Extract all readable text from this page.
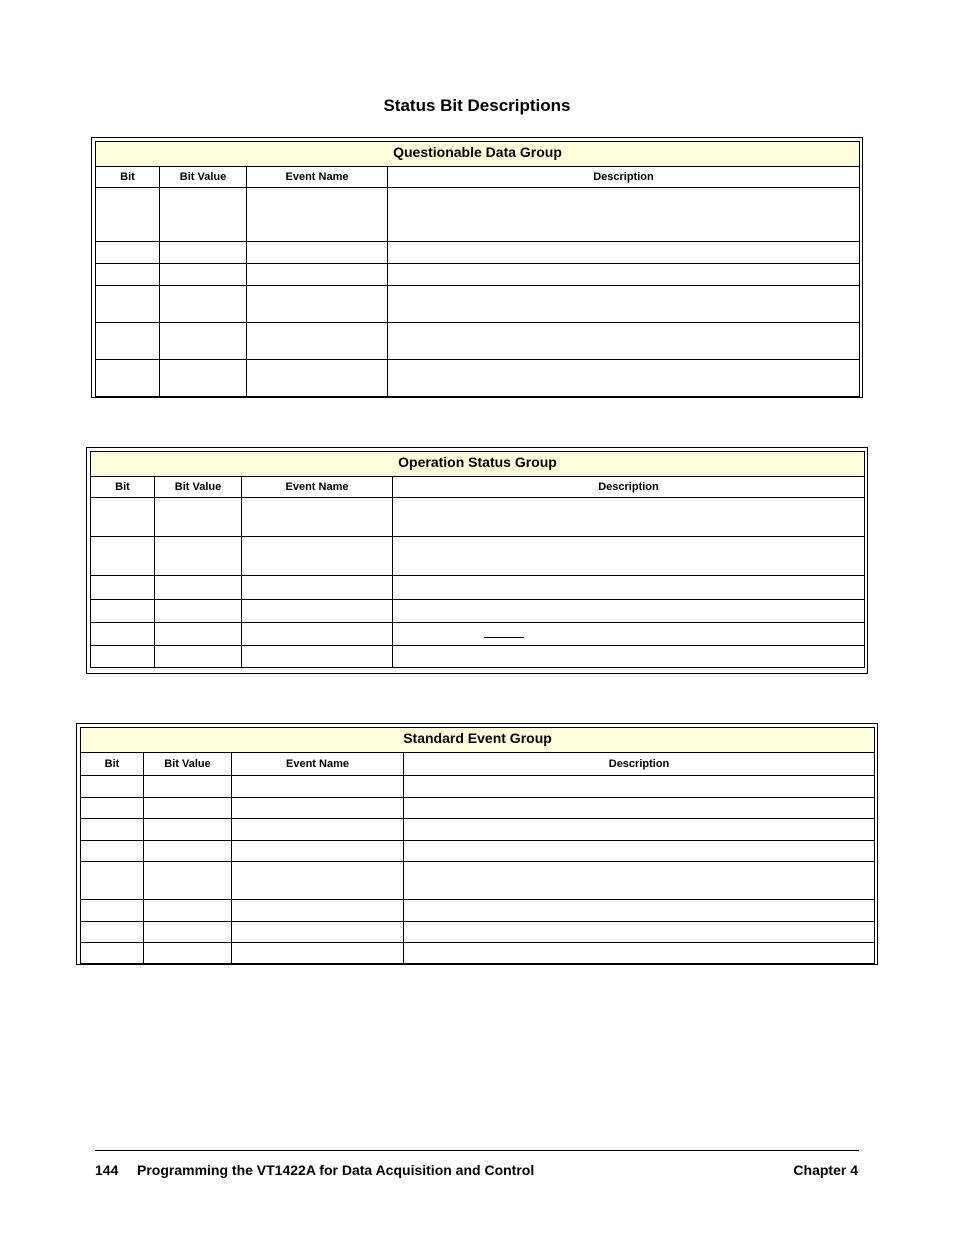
Status Bit Descriptions
Questionable Data Group			
Bit	Bit Value	Event Name	Description

Operation Status Group			
Bit	Bit Value	Event Name	Description

Standard Event Group			
Bit	Bit Value	Event Name	Description

144 Programming the VT1422A for Data Acquisition and Control	Chapter 4
